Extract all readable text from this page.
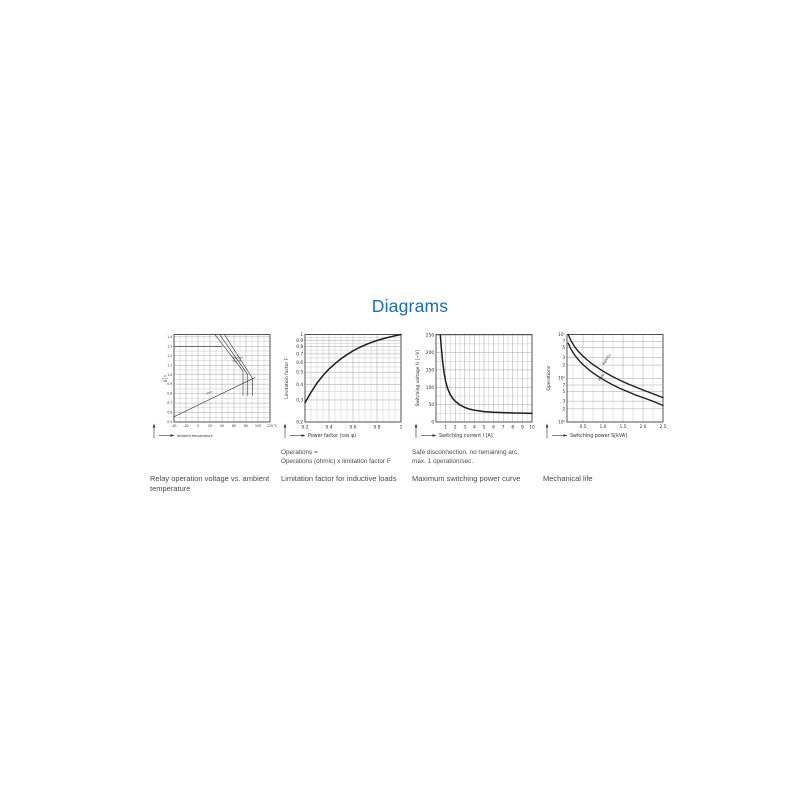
Diagrams
0.5
0.6
0.7
0.8
0.9
1.0
1.1
1.2
1.3
1.4
-40 -20	0	20	40	60	80 100 120 °C
U
UN
Ambient temperature
Hg Imax
ca 2 W
Umin
Relay operation voltage vs. ambient temperature
1
0.9
0.8
0.7
0.6
0.5
0.4
0.3
0.2
0.2	0.4	0.6	0.8	1
Limitation factor F
Power factor (cos φ)
Operations =
Operations (ohmic) x limitation factor F
Limitation factor for inductive loads
0
50
100
150
200
250
1 2 3 4 5 6 7 8 9 10
Switching voltage U [~V]
Switching current I [A]
Safe disconnection, no remaining arc,
max. 1 operation/sec.
Maximum switching power curve
10⁷
7
5
3
2
10⁶
7
5
3
2
10⁵
0.5	1.0	1.5	2.0	2.5
AgSnO₂
AgNi
Operations
Switching power S[kVA]
Mechanical life
